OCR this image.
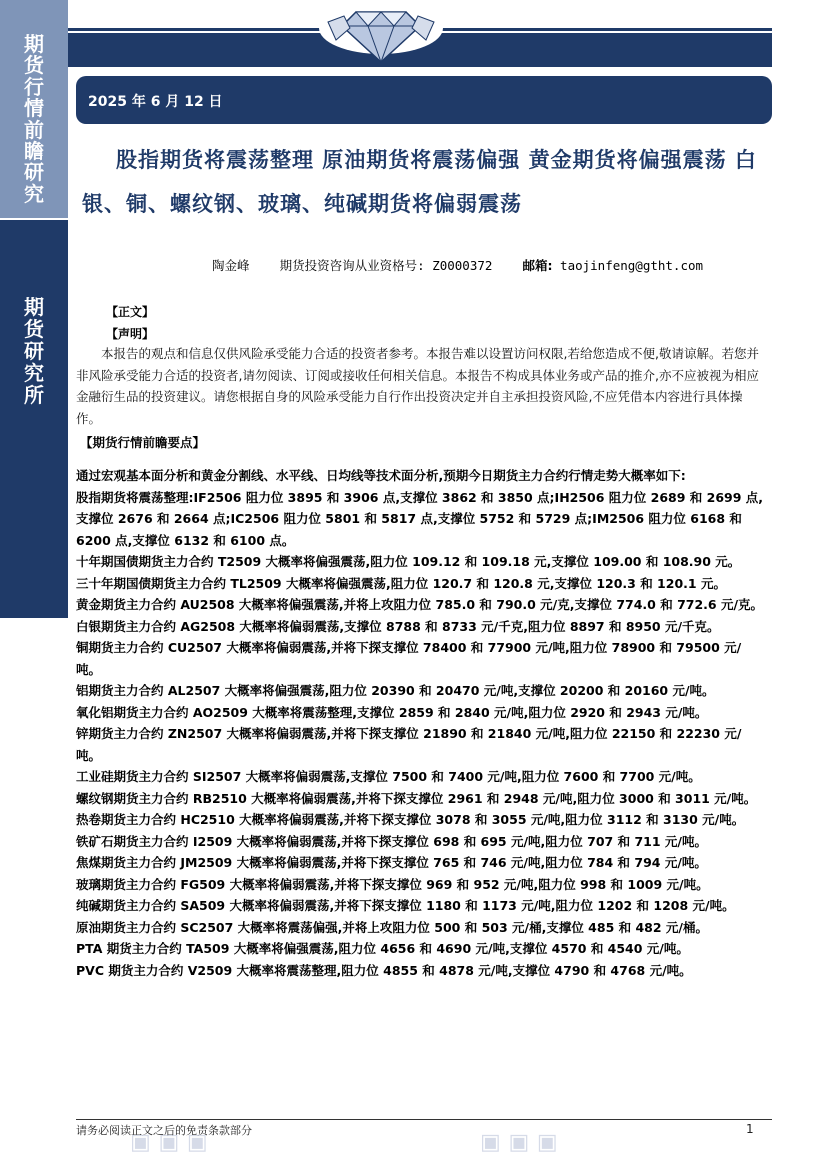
期
货
行
情
前
瞻
研
究
期
货
研
究
所
2025 年 6 月 12 日
股指期货将震荡整理 原油期货将震荡偏强 黄金期货将偏强震荡 白银、铜、螺纹钢、玻璃、纯碱期货将偏弱震荡
陶金峰 期货投资咨询从业资格号: Z0000372 邮箱: taojinfeng@gtht.com
【正文】
【声明】
本报告的观点和信息仅供风险承受能力合适的投资者参考。本报告难以设置访问权限,若给您造成不便,敬请谅解。若您并非风险承受能力合适的投资者,请勿阅读、订阅或接收任何相关信息。本报告不构成具体业务或产品的推介,亦不应被视为相应金融衍生品的投资建议。请您根据自身的风险承受能力自行作出投资决定并自主承担投资风险,不应凭借本内容进行具体操作。
【期货行情前瞻要点】

通过宏观基本面分析和黄金分割线、水平线、日均线等技术面分析,预期今日期货主力合约行情走势大概率如下:

股指期货将震荡整理:IF2506 阻力位 3895 和 3906 点,支撑位 3862 和 3850 点;IH2506 阻力位 2689 和 2699 点,支撑位 2676 和 2664 点;IC2506 阻力位 5801 和 5817 点,支撑位 5752 和 5729 点;IM2506 阻力位 6168 和 6200 点,支撑位 6132 和 6100 点。

十年期国债期货主力合约 T2509 大概率将偏强震荡,阻力位 109.12 和 109.18 元,支撑位 109.00 和 108.90 元。

三十年期国债期货主力合约 TL2509 大概率将偏强震荡,阻力位 120.7 和 120.8 元,支撑位 120.3 和 120.1 元。

黄金期货主力合约 AU2508 大概率将偏强震荡,并将上攻阻力位 785.0 和 790.0 元/克,支撑位 774.0 和 772.6 元/克。

白银期货主力合约 AG2508 大概率将偏弱震荡,支撑位 8788 和 8733 元/千克,阻力位 8897 和 8950 元/千克。

铜期货主力合约 CU2507 大概率将偏弱震荡,并将下探支撑位 78400 和 77900 元/吨,阻力位 78900 和 79500 元/吨。

铝期货主力合约 AL2507 大概率将偏强震荡,阻力位 20390 和 20470 元/吨,支撑位 20200 和 20160 元/吨。

氧化铝期货主力合约 AO2509 大概率将震荡整理,支撑位 2859 和 2840 元/吨,阻力位 2920 和 2943 元/吨。

锌期货主力合约 ZN2507 大概率将偏弱震荡,并将下探支撑位 21890 和 21840 元/吨,阻力位 22150 和 22230 元/吨。

工业硅期货主力合约 SI2507 大概率将偏弱震荡,支撑位 7500 和 7400 元/吨,阻力位 7600 和 7700 元/吨。

螺纹钢期货主力合约 RB2510 大概率将偏弱震荡,并将下探支撑位 2961 和 2948 元/吨,阻力位 3000 和 3011 元/吨。

热卷期货主力合约 HC2510 大概率将偏弱震荡,并将下探支撑位 3078 和 3055 元/吨,阻力位 3112 和 3130 元/吨。

铁矿石期货主力合约 I2509 大概率将偏弱震荡,并将下探支撑位 698 和 695 元/吨,阻力位 707 和 711 元/吨。

焦煤期货主力合约 JM2509 大概率将偏弱震荡,并将下探支撑位 765 和 746 元/吨,阻力位 784 和 794 元/吨。

玻璃期货主力合约 FG509 大概率将偏弱震荡,并将下探支撑位 969 和 952 元/吨,阻力位 998 和 1009 元/吨。

纯碱期货主力合约 SA509 大概率将偏弱震荡,并将下探支撑位 1180 和 1173 元/吨,阻力位 1202 和 1208 元/吨。

原油期货主力合约 SC2507 大概率将震荡偏强,并将上攻阻力位 500 和 503 元/桶,支撑位 485 和 482 元/桶。

PTA 期货主力合约 TA509 大概率将偏强震荡,阻力位 4656 和 4690 元/吨,支撑位 4570 和 4540 元/吨。

PVC 期货主力合约 V2509 大概率将震荡整理,阻力位 4855 和 4878 元/吨,支撑位 4790 和 4768 元/吨。

▣ ▣ ▣	▣ ▣ ▣
请务必阅读正文之后的免责条款部分	1
